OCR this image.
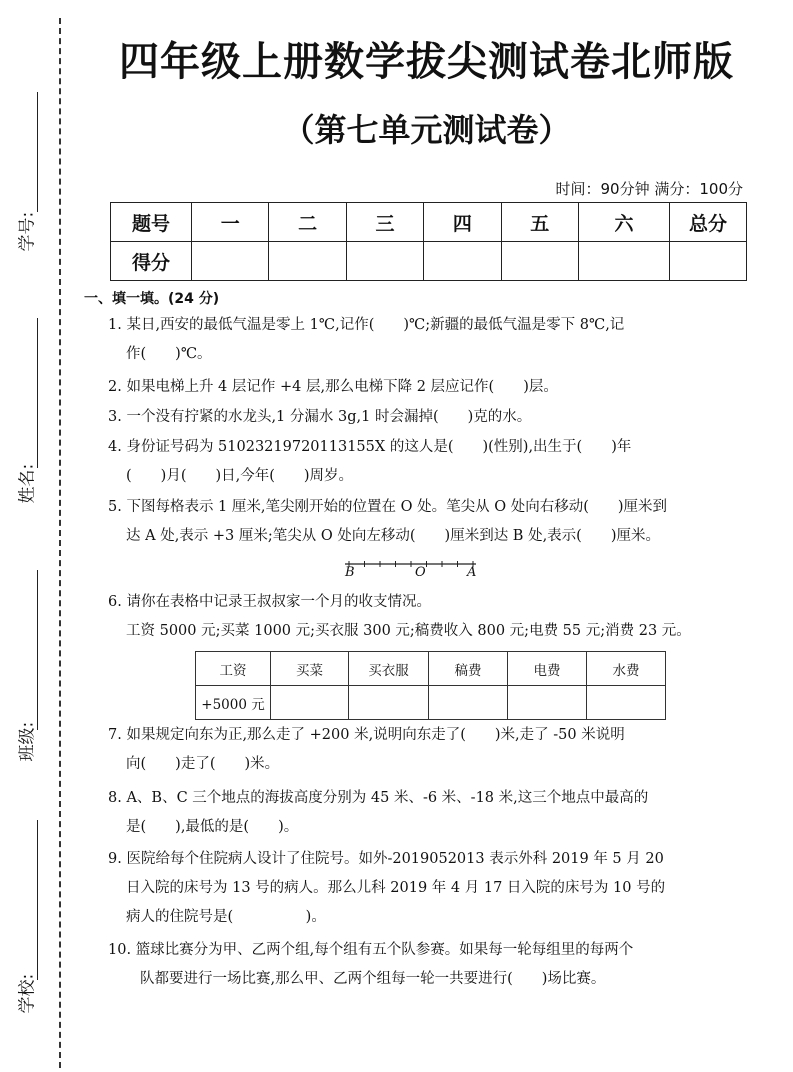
学号:
姓名:
班级:
学校:
四年级上册数学拔尖测试卷北师版
（第七单元测试卷）
时间：90分钟 满分：100分
题号	一	二	三	四	五	六	总分
得分							
一、填一填。(24 分)
1. 某日,西安的最低气温是零上 1℃,记作(　　)℃;新疆的最低气温是零下 8℃,记
作(　　)℃。
2. 如果电梯上升 4 层记作 +4 层,那么电梯下降 2 层应记作(　　)层。
3. 一个没有拧紧的水龙头,1 分漏水 3g,1 时会漏掉(　　)克的水。
4. 身份证号码为 51023219720113155X 的这人是(　　)(性别),出生于(　　)年
(　　)月(　　)日,今年(　　)周岁。
5. 下图每格表示 1 厘米,笔尖刚开始的位置在 O 处。笔尖从 O 处向右移动(　　)厘米到
达 A 处,表示 +3 厘米;笔尖从 O 处向左移动(　　)厘米到达 B 处,表示(　　)厘米。
B	O	A
6. 请你在表格中记录王叔叔家一个月的收支情况。
工资 5000 元;买菜 1000 元;买衣服 300 元;稿费收入 800 元;电费 55 元;消费 23 元。
工资	买菜	买衣服	稿费	电费	水费
+5000 元					
7. 如果规定向东为正,那么走了 +200 米,说明向东走了(　　)米,走了 -50 米说明
向(　　)走了(　　)米。
8. A、B、C 三个地点的海拔高度分别为 45 米、-6 米、-18 米,这三个地点中最高的
是(　　),最低的是(　　)。
9. 医院给每个住院病人设计了住院号。如外-2019052013 表示外科 2019 年 5 月 20
日入院的床号为 13 号的病人。那么儿科 2019 年 4 月 17 日入院的床号为 10 号的
病人的住院号是(　　　　　)。
10. 篮球比赛分为甲、乙两个组,每个组有五个队参赛。如果每一轮每组里的每两个
队都要进行一场比赛,那么甲、乙两个组每一轮一共要进行(　　)场比赛。
